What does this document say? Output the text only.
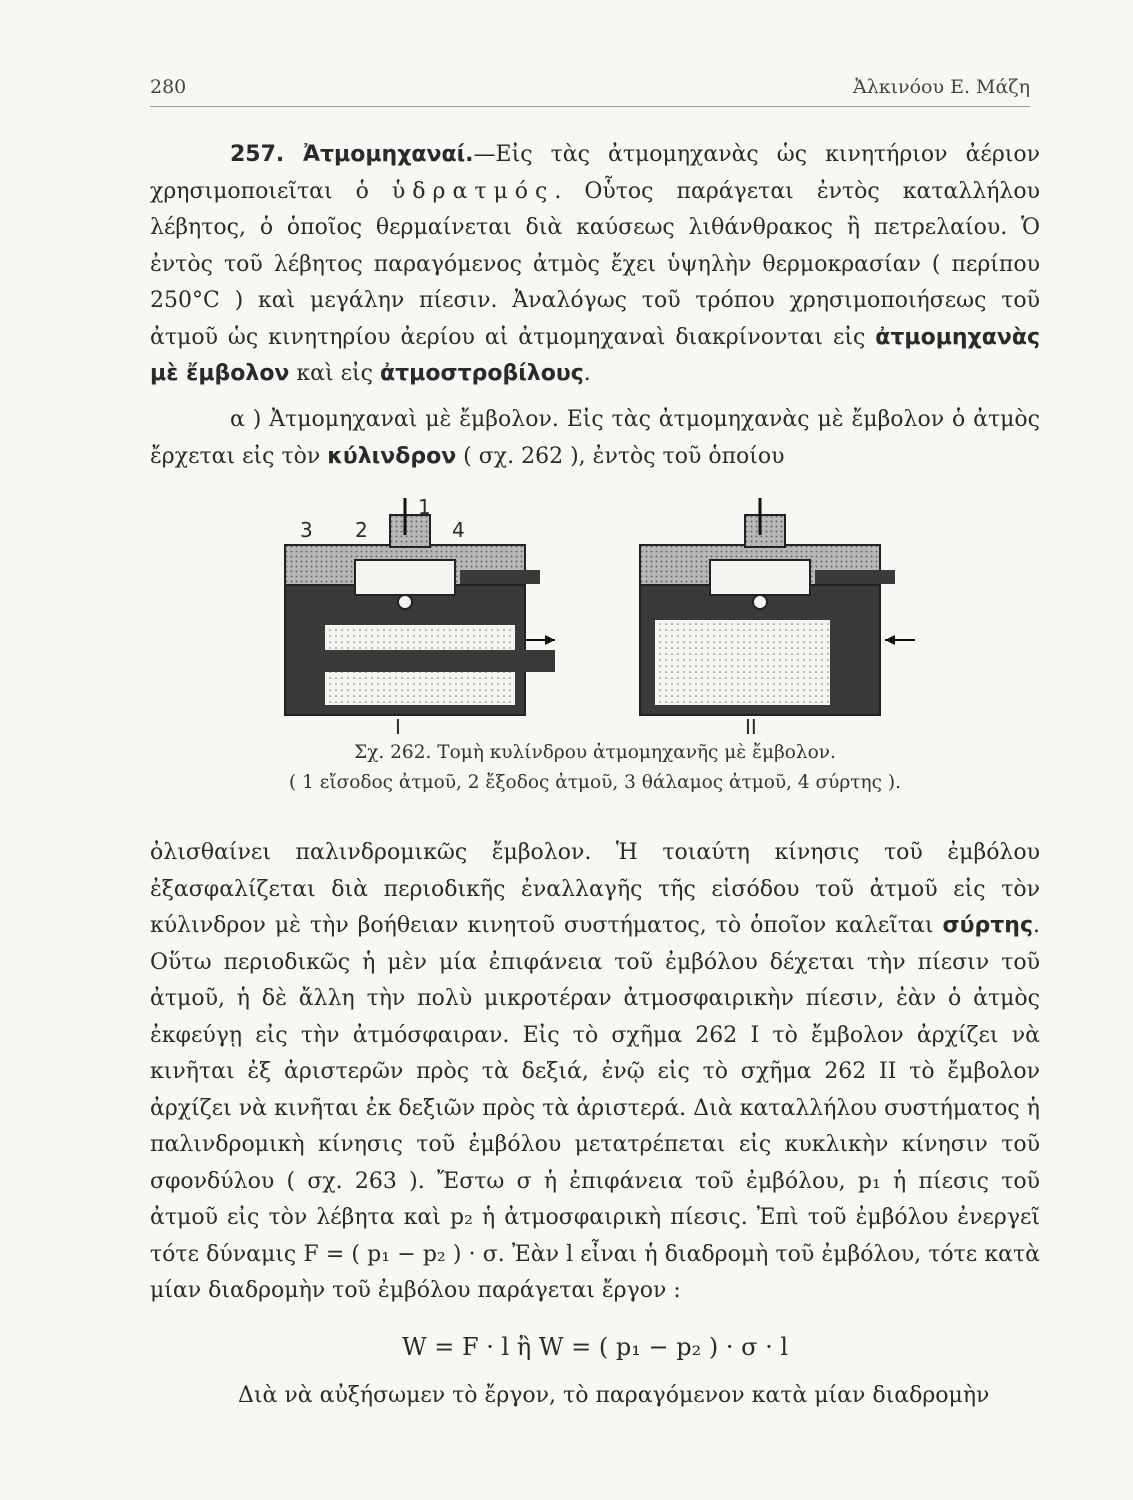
280	Ἀλκινόου Ε. Μάζη

257. Ἀτμομηχαναί.—Εἰς τὰς ἀτμομηχανὰς ὡς κινητήριον ἀέριον χρησιμοποιεῖται ὁ ὑδρατμός. Οὗτος παράγεται ἐντὸς καταλλήλου λέβητος, ὁ ὁποῖος θερμαίνεται διὰ καύσεως λιθάνθρακος ἢ πετρελαίου. Ὁ ἐντὸς τοῦ λέβητος παραγόμενος ἀτμὸς ἔχει ὑψηλὴν θερμοκρασίαν ( περίπου 250°C ) καὶ μεγάλην πίεσιν. Ἀναλόγως τοῦ τρόπου χρησιμοποιήσεως τοῦ ἀτμοῦ ὡς κινητηρίου ἀερίου αἱ ἀτμομηχαναὶ διακρίνονται εἰς ἀτμομηχανὰς μὲ ἔμβολον καὶ εἰς ἀτμοστροβίλους.

α ) Ἀτμομηχαναὶ μὲ ἔμβολον. Εἰς τὰς ἀτμομηχανὰς μὲ ἔμβολον ὁ ἀτμὸς ἔρχεται εἰς τὸν κύλινδρον ( σχ. 262 ), ἐντὸς τοῦ ὁποίου

1
2
3	4
I	II

Σχ. 262. Τομὴ κυλίνδρου ἀτμομηχανῆς μὲ ἔμβολον.

( 1 εἴσοδος ἀτμοῦ, 2 ἔξοδος ἀτμοῦ, 3 θάλαμος ἀτμοῦ, 4 σύρτης ).

ὀλισθαίνει παλινδρομικῶς ἔμβολον. Ἡ τοιαύτη κίνησις τοῦ ἐμβόλου ἐξασφαλίζεται διὰ περιοδικῆς ἐναλλαγῆς τῆς εἰσόδου τοῦ ἀτμοῦ εἰς τὸν κύλινδρον μὲ τὴν βοήθειαν κινητοῦ συστήματος, τὸ ὁποῖον καλεῖται σύρτης. Οὕτω περιοδικῶς ἡ μὲν μία ἐπιφάνεια τοῦ ἐμβόλου δέχεται τὴν πίεσιν τοῦ ἀτμοῦ, ἡ δὲ ἄλλη τὴν πολὺ μικροτέραν ἀτμοσφαιρικὴν πίεσιν, ἐὰν ὁ ἀτμὸς ἐκφεύγῃ εἰς τὴν ἀτμόσφαιραν. Εἰς τὸ σχῆμα 262 I τὸ ἔμβολον ἀρχίζει νὰ κινῆται ἐξ ἀριστερῶν πρὸς τὰ δεξιά, ἐνῷ εἰς τὸ σχῆμα 262 II τὸ ἔμβολον ἀρχίζει νὰ κινῆται ἐκ δεξιῶν πρὸς τὰ ἀριστερά. Διὰ καταλλήλου συστήματος ἡ παλινδρομικὴ κίνησις τοῦ ἐμβόλου μετατρέπεται εἰς κυκλικὴν κίνησιν τοῦ σφονδύλου ( σχ. 263 ). Ἔστω σ ἡ ἐπιφάνεια τοῦ ἐμβόλου, p₁ ἡ πίεσις τοῦ ἀτμοῦ εἰς τὸν λέβητα καὶ p₂ ἡ ἀτμοσφαιρικὴ πίεσις. Ἐπὶ τοῦ ἐμβόλου ἐνεργεῖ τότε δύναμις F = ( p₁ − p₂ ) · σ. Ἐὰν l εἶναι ἡ διαδρομὴ τοῦ ἐμβόλου, τότε κατὰ μίαν διαδρομὴν τοῦ ἐμβόλου παράγεται ἔργον :

W = F · l ἢ W = ( p₁ − p₂ ) · σ · l

Διὰ νὰ αὐξήσωμεν τὸ ἔργον, τὸ παραγόμενον κατὰ μίαν διαδρομὴν
